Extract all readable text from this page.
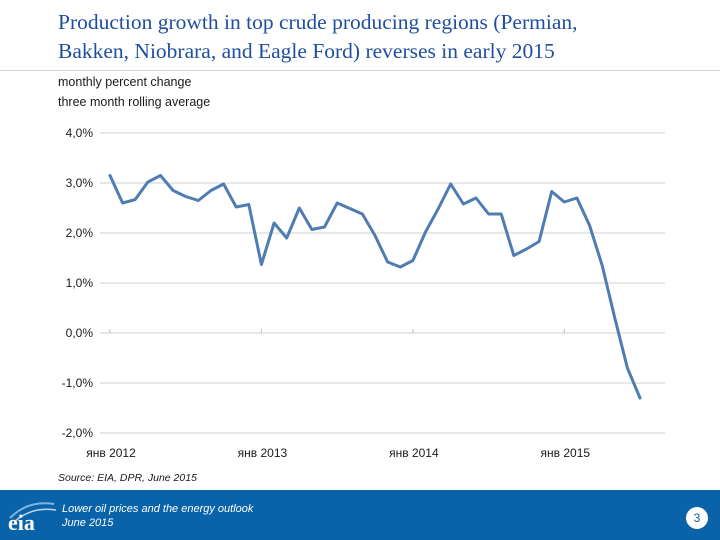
Production growth in top crude producing regions (Permian,
Bakken, Niobrara, and Eagle Ford) reverses in early 2015
monthly percent change
three month rolling average
4,0%
3,0%
2,0%
1,0%
0,0%
-1,0%
-2,0%
янв 2012	янв 2013	янв 2014	янв 2015
Source: EIA, DPR, June 2015
eia
Lower oil prices and the energy outlook
June 2015	3
